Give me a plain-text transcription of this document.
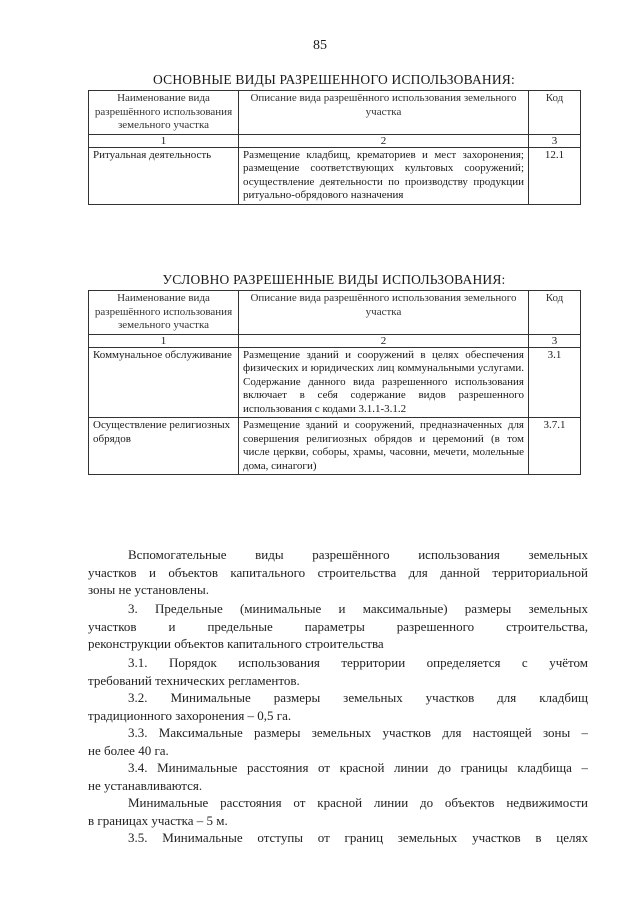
85
ОСНОВНЫЕ ВИДЫ РАЗРЕШЕННОГО ИСПОЛЬЗОВАНИЯ:
Наименование вида разрешённого использования земельного участка	Описание вида разрешённого использования земельного участка	Код
1	2	3
Ритуальная деятельность	Размещение кладбищ, крематориев и мест захоронения; размещение соответствующих культовых сооружений; осуществление деятельности по производству продукции ритуально-обрядового назначения	12.1
УСЛОВНО РАЗРЕШЕННЫЕ ВИДЫ ИСПОЛЬЗОВАНИЯ:
Наименование вида разрешённого использования земельного участка	Описание вида разрешённого использования земельного участка	Код
1	2	3
Коммунальное обслуживание	Размещение зданий и сооружений в целях обеспечения физических и юридических лиц коммунальными услугами. Содержание данного вида разрешенного использования включает в себя содержание видов разрешенного использования с кодами 3.1.1-3.1.2	3.1
Осуществление религиозных обрядов	Размещение зданий и сооружений, предназначенных для совершения религиозных обрядов и церемоний (в том числе церкви, соборы, храмы, часовни, мечети, молельные дома, синагоги)	3.7.1
Вспомогательные виды разрешённого использования земельных
участков и объектов капитального строительства для данной территориальной
зоны не установлены.
3. Предельные (минимальные и максимальные) размеры земельных
участков и предельные параметры разрешенного строительства,
реконструкции объектов капитального строительства
3.1. Порядок использования территории определяется с учётом
требований технических регламентов.
3.2. Минимальные размеры земельных участков для кладбищ
традиционного захоронения – 0,5 га.
3.3. Максимальные размеры земельных участков для настоящей зоны –
не более 40 га.
3.4. Минимальные расстояния от красной линии до границы кладбища –
не устанавливаются.
Минимальные расстояния от красной линии до объектов недвижимости
в границах участка – 5 м.
3.5. Минимальные отступы от границ земельных участков в целях
